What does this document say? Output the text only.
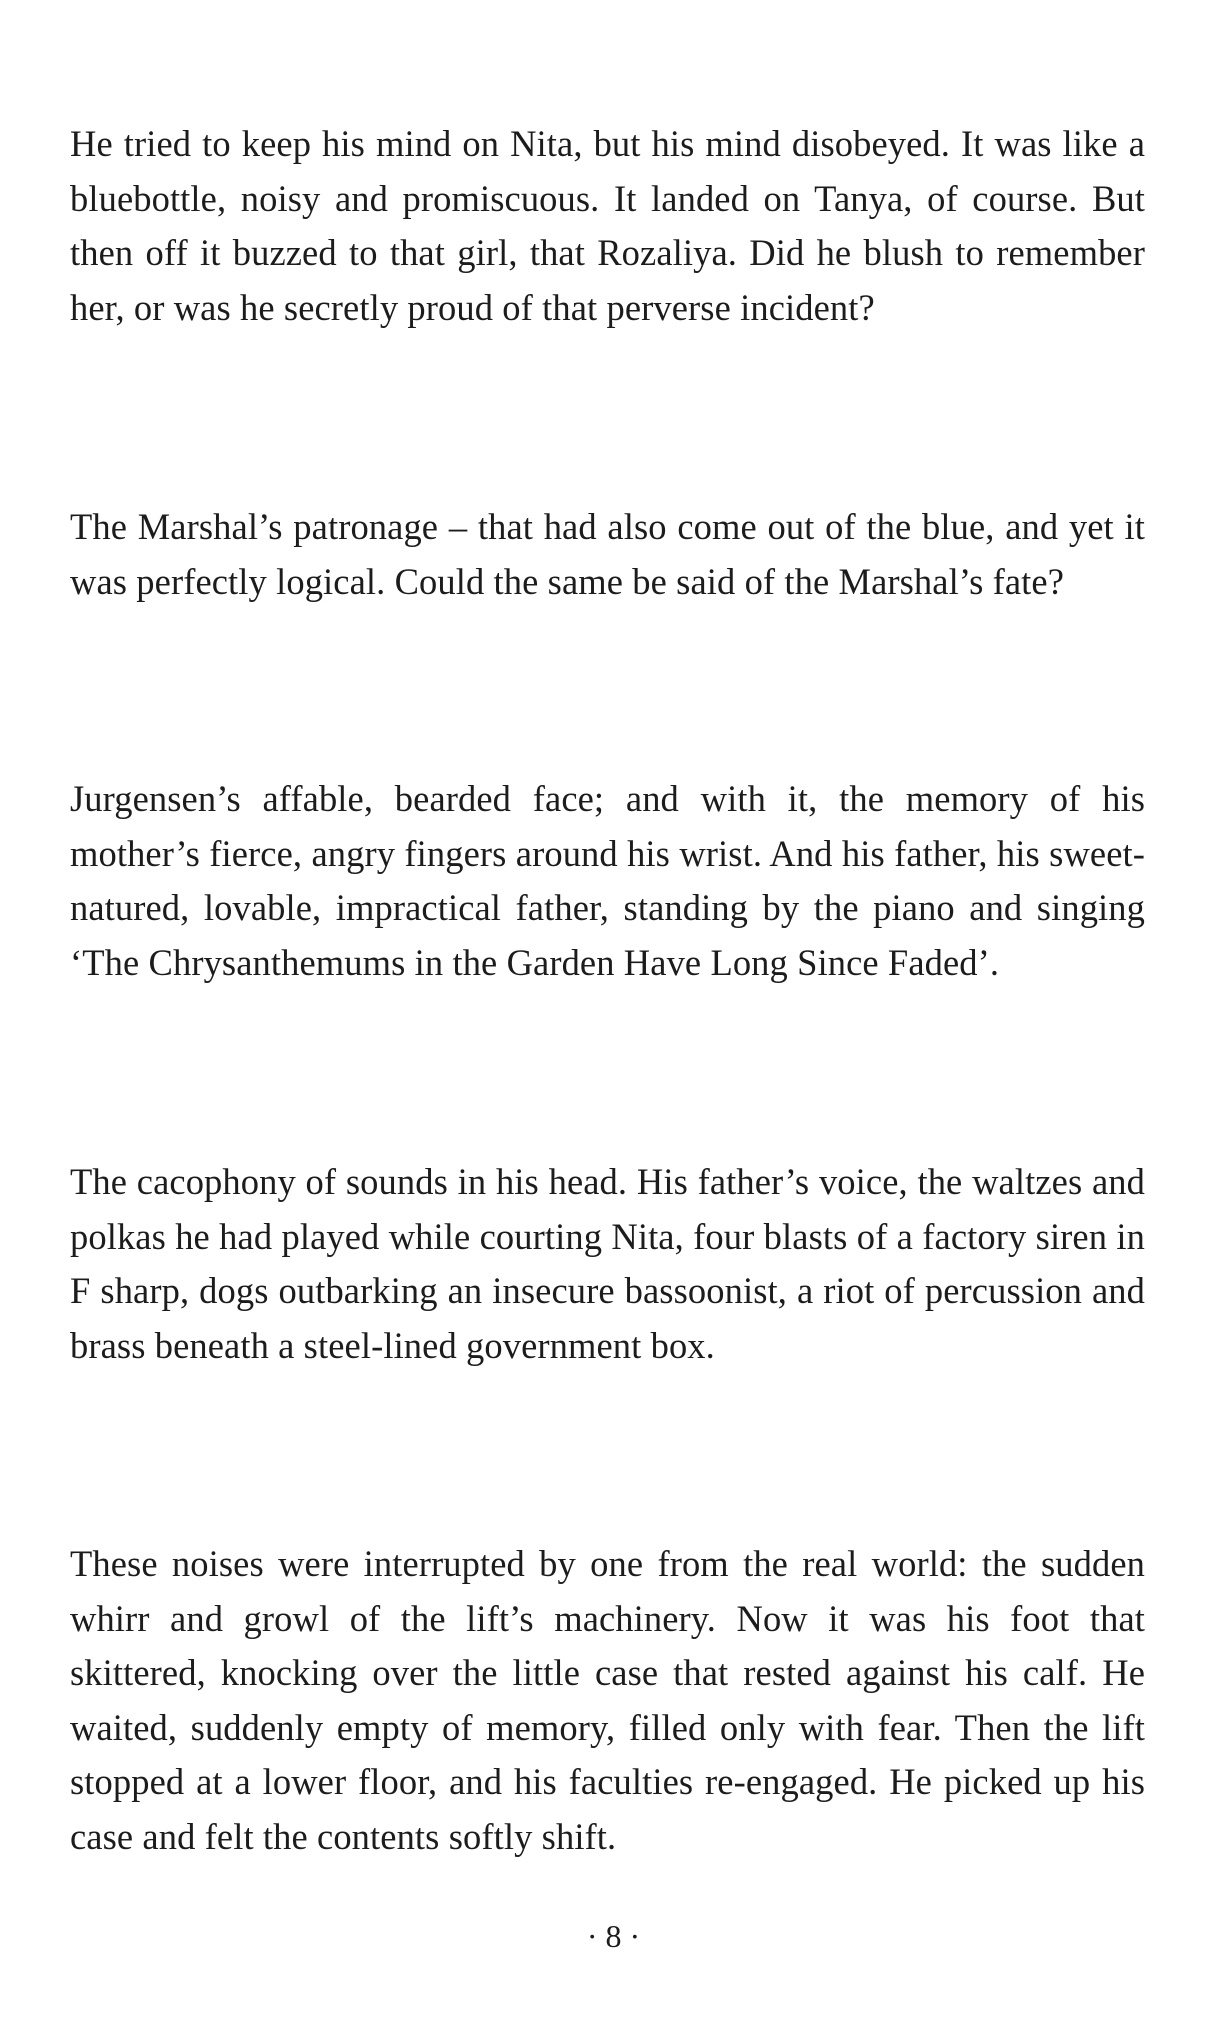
He tried to keep his mind on Nita, but his mind disobeyed. It was like a bluebottle, noisy and promiscuous. It landed on Tanya, of course. But then off it buzzed to that girl, that Rozaliya. Did he blush to remember her, or was he secretly proud of that perverse incident?

The Marshal’s patronage – that had also come out of the blue, and yet it was perfectly logical. Could the same be said of the Marshal’s fate?

Jurgensen’s affable, bearded face; and with it, the memory of his mother’s fierce, angry fingers around his wrist. And his father, his sweet-natured, lovable, impractical father, standing by the piano and singing ‘The Chrysanthemums in the Garden Have Long Since Faded’.

The cacophony of sounds in his head. His father’s voice, the waltzes and polkas he had played while courting Nita, four blasts of a factory siren in F sharp, dogs outbarking an insecure bassoonist, a riot of percussion and brass beneath a steel-lined government box.

These noises were interrupted by one from the real world: the sudden whirr and growl of the lift’s machinery. Now it was his foot that skittered, knocking over the little case that rested against his calf. He waited, suddenly empty of memory, filled only with fear. Then the lift stopped at a lower floor, and his faculties re-engaged. He picked up his case and felt the contents softly shift.

· 8 ·
